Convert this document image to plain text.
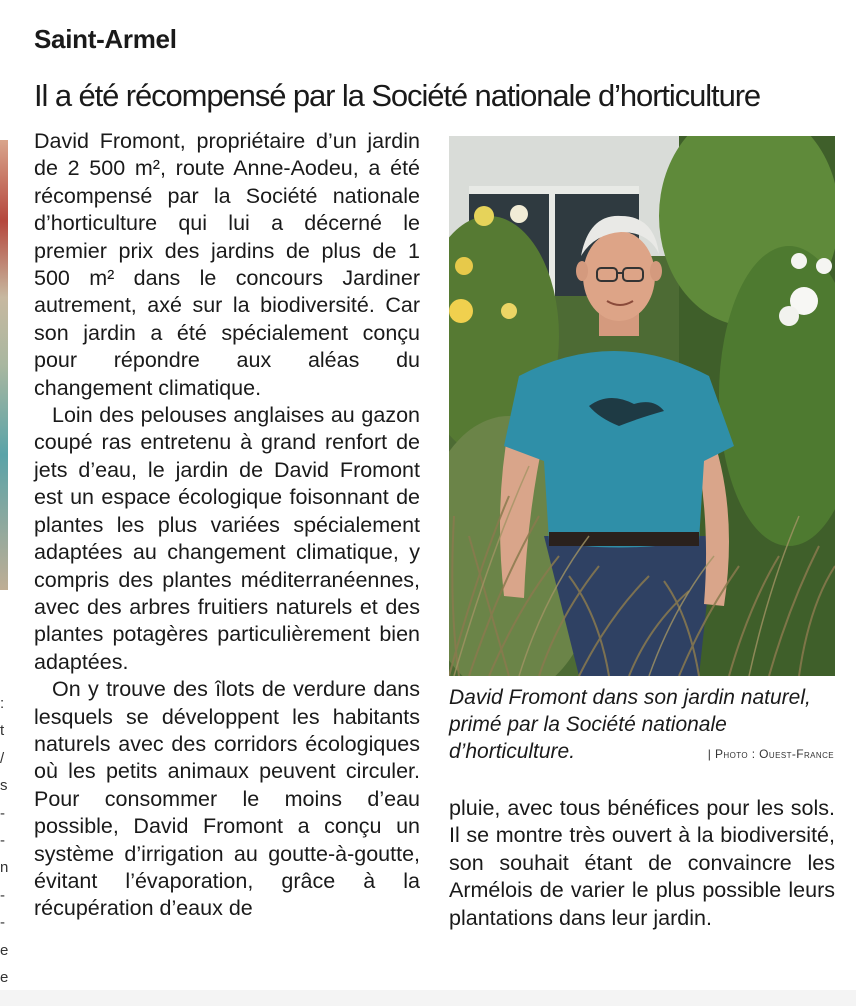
:
t
/
s
-
-
n
-
-
e
e
Saint-Armel
Il a été récompensé par la Société nationale d’horticulture

David Fromont, propriétaire d’un jardin de 2 500 m², route Anne-Aodeu, a été récompensé par la Société nationale d’horticulture qui lui a décerné le premier prix des jardins de plus de 1 500 m² dans le concours Jardiner autrement, axé sur la biodiversité. Car son jardin a été spécialement conçu pour répondre aux aléas du changement climatique.

Loin des pelouses anglaises au gazon coupé ras entretenu à grand renfort de jets d’eau, le jardin de David Fromont est un espace écologique foisonnant de plantes les plus variées spécialement adaptées au changement climatique, y compris des plantes méditerranéennes, avec des arbres fruitiers naturels et des plantes potagères particulièrement bien adaptées.

On y trouve des îlots de verdure dans lesquels se développent les habitants naturels avec des corridors écologiques où les petits animaux peuvent circuler. Pour consommer le moins d’eau possible, David Fromont a conçu un système d’irrigation au goutte-à-goutte, évitant l’évaporation, grâce à la récupération d’eaux de

David Fromont dans son jardin naturel, primé par la Société nationale d’horticulture.	| Photo : Ouest-France

pluie, avec tous bénéfices pour les sols. Il se montre très ouvert à la biodiversité, son souhait étant de convaincre les Armélois de varier le plus possible leurs plantations dans leur jardin.
